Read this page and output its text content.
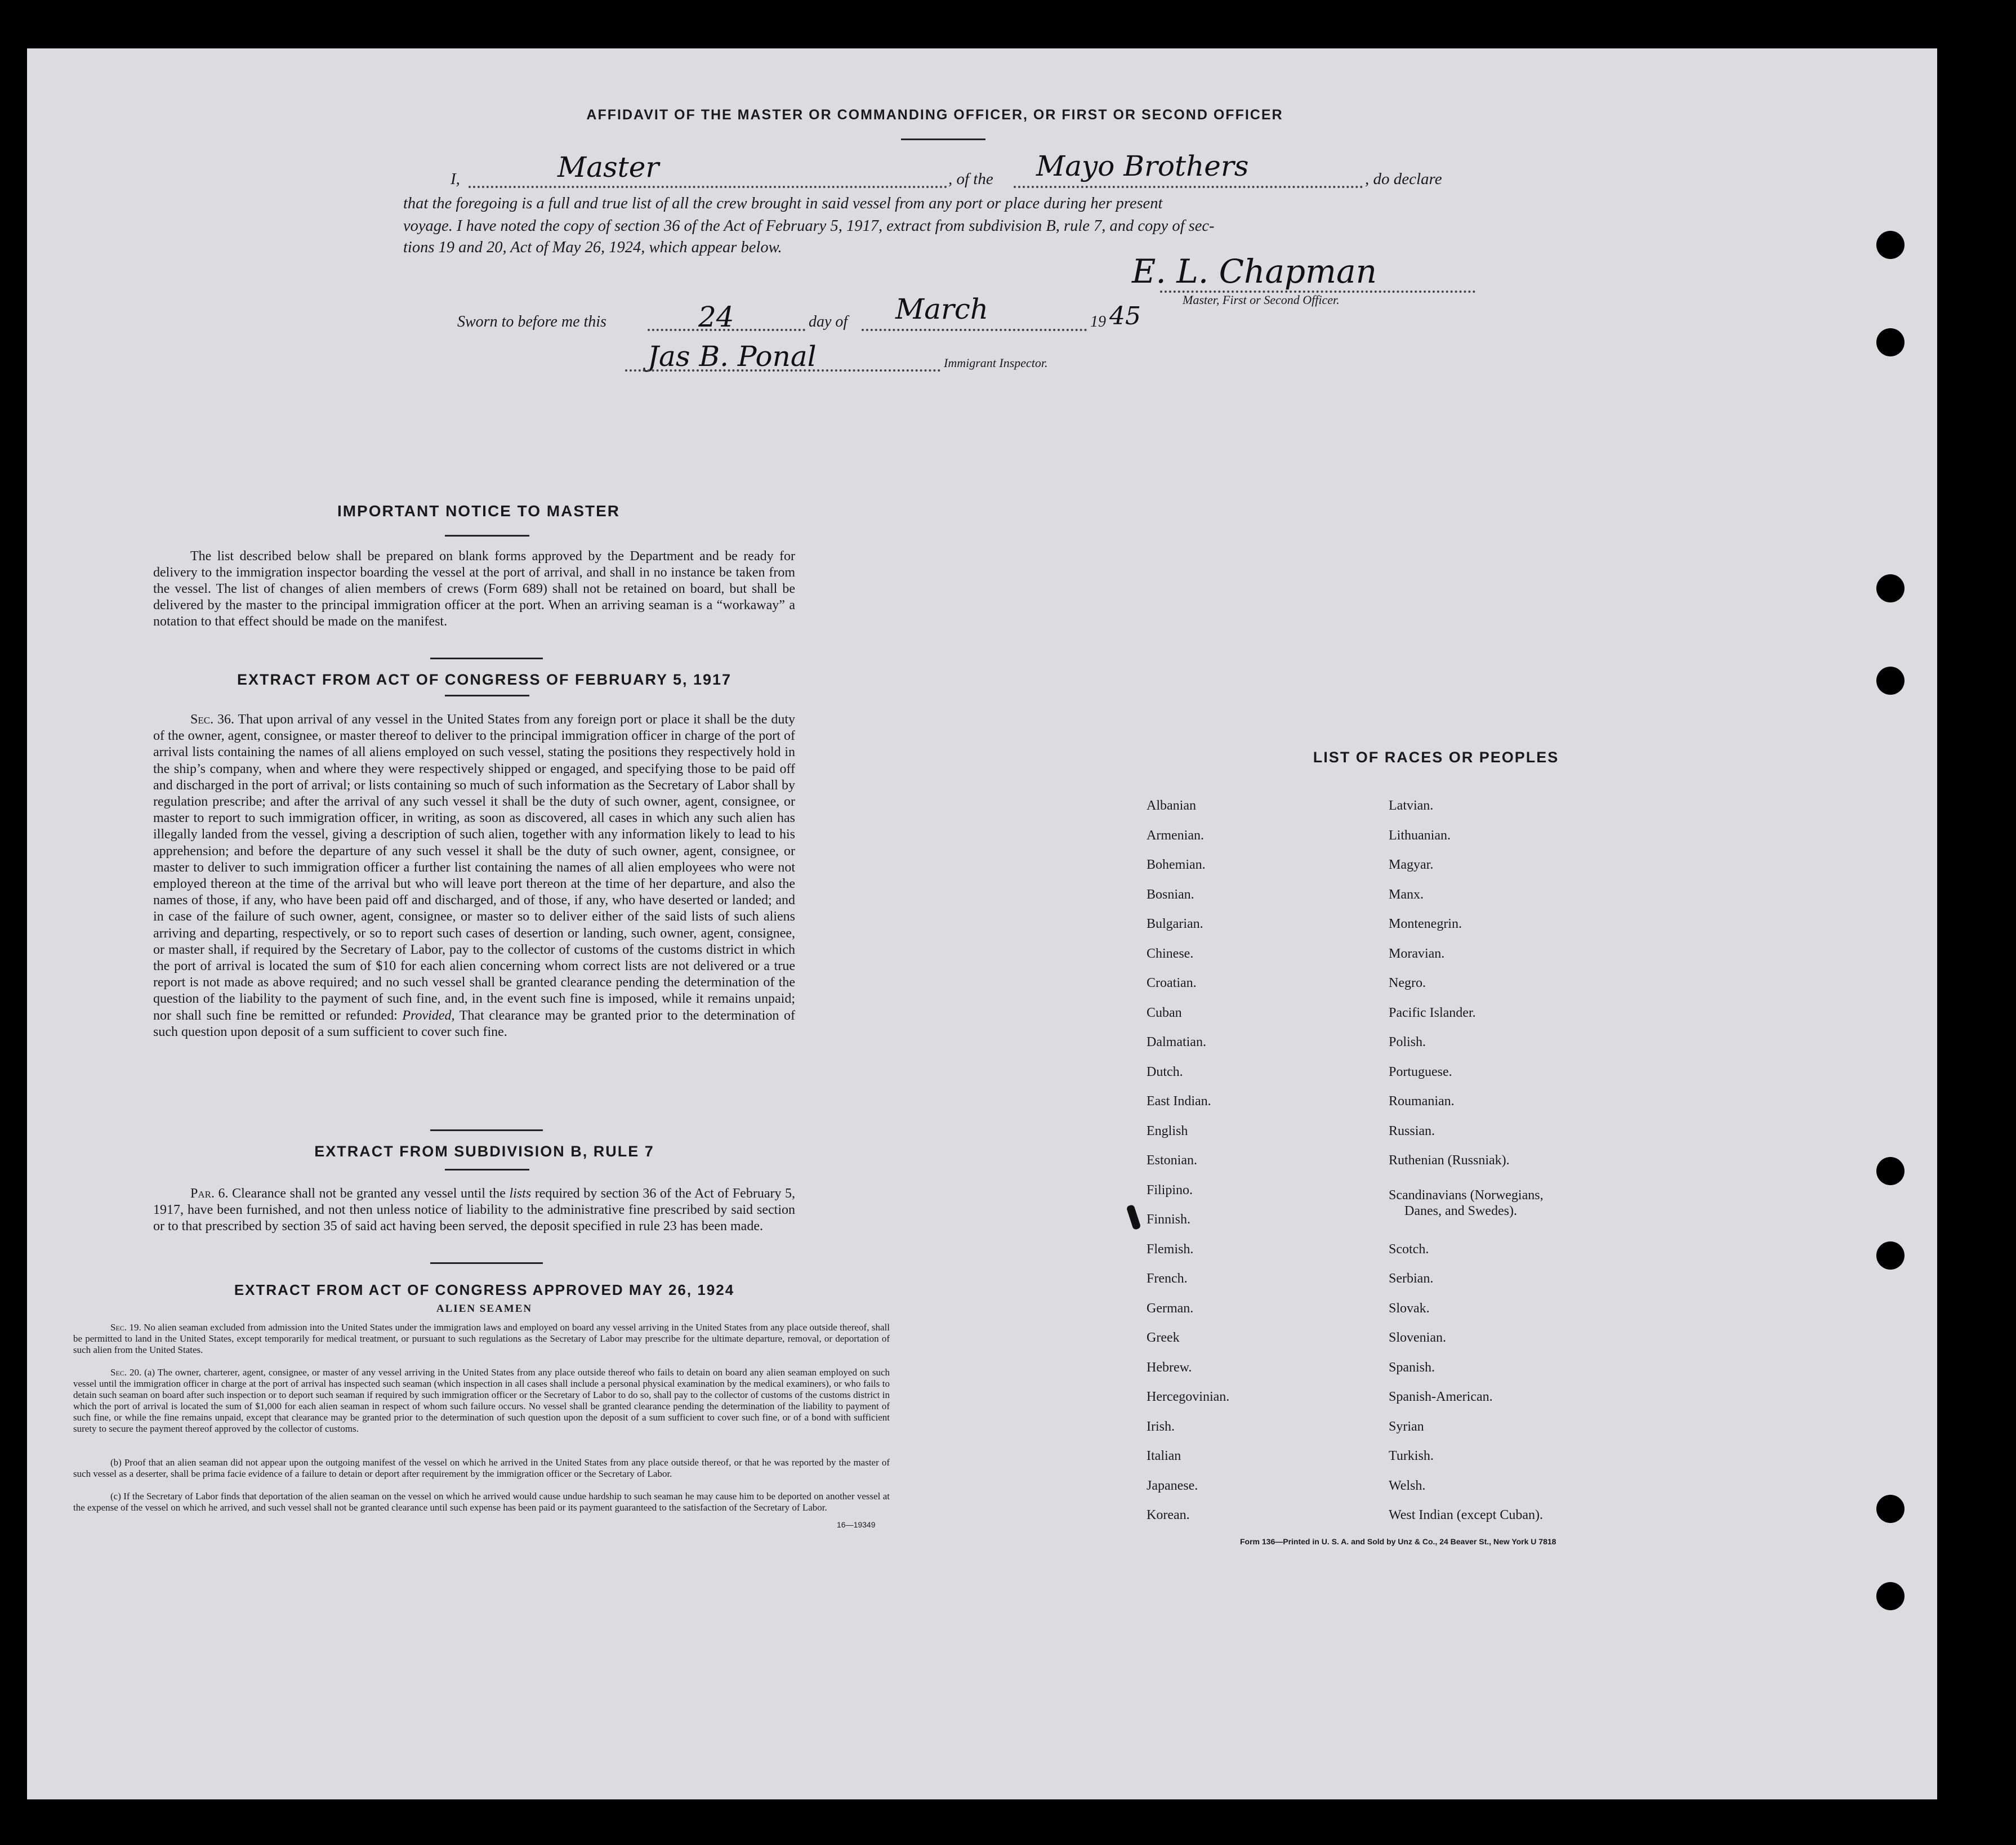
AFFIDAVIT OF THE MASTER OR COMMANDING OFFICER, OR FIRST OR SECOND OFFICER
I,	Master	, of the Mayo Brothers	, do declare
that the foregoing is a full and true list of all the crew brought in said vessel from any port or place during her present
voyage. I have noted the copy of section 36 of the Act of February 5, 1917, extract from subdivision B, rule 7, and copy of sec-
tions 19 and 20, Act of May 26, 1924, which appear below.
E. L. Chapman
Master, First or Second Officer.
Sworn to before me this	24	day of March	19 45
Jas B. Ponal	Immigrant Inspector.
IMPORTANT NOTICE TO MASTER
The list described below shall be prepared on blank forms approved by the Department and be ready for delivery to the immigration inspector boarding the vessel at the port of arrival, and shall in no instance be taken from the vessel. The list of changes of alien members of crews (Form 689) shall not be retained on board, but shall be delivered by the master to the principal immigration officer at the port. When an arriving seaman is a “workaway” a notation to that effect should be made on the manifest.
EXTRACT FROM ACT OF CONGRESS OF FEBRUARY 5, 1917
Sec. 36. That upon arrival of any vessel in the United States from any foreign port or place it shall be the duty of the owner, agent, consignee, or master thereof to deliver to the principal immigration officer in charge of the port of arrival lists containing the names of all aliens employed on such vessel, stating the positions they respectively hold in the ship’s company, when and where they were respectively shipped or engaged, and specifying those to be paid off and discharged in the port of arrival; or lists containing so much of such information as the Secretary of Labor shall by regulation prescribe; and after the arrival of any such vessel it shall be the duty of such owner, agent, consignee, or master to report to such immigration officer, in writing, as soon as discovered, all cases in which any such alien has illegally landed from the vessel, giving a description of such alien, together with any information likely to lead to his apprehension; and before the departure of any such vessel it shall be the duty of such owner, agent, consignee, or master to deliver to such immigration officer a further list containing the names of all alien employees who were not employed thereon at the time of the arrival but who will leave port thereon at the time of her departure, and also the names of those, if any, who have been paid off and discharged, and of those, if any, who have deserted or landed; and in case of the failure of such owner, agent, consignee, or master so to deliver either of the said lists of such aliens arriving and departing, respectively, or so to report such cases of desertion or landing, such owner, agent, consignee, or master shall, if required by the Secretary of Labor, pay to the collector of customs of the customs district in which the port of arrival is located the sum of $10 for each alien concerning whom correct lists are not delivered or a true report is not made as above required; and no such vessel shall be granted clearance pending the determination of the question of the liability to the payment of such fine, and, in the event such fine is imposed, while it remains unpaid; nor shall such fine be remitted or refunded: Provided, That clearance may be granted prior to the determination of such question upon deposit of a sum sufficient to cover such fine.
EXTRACT FROM SUBDIVISION B, RULE 7
Par. 6. Clearance shall not be granted any vessel until the lists required by section 36 of the Act of February 5, 1917, have been furnished, and not then unless notice of liability to the administrative fine prescribed by said section or to that prescribed by section 35 of said act having been served, the deposit specified in rule 23 has been made.
EXTRACT FROM ACT OF CONGRESS APPROVED MAY 26, 1924
ALIEN SEAMEN
Sec. 19. No alien seaman excluded from admission into the United States under the immigration laws and employed on board any vessel arriving in the United States from any place outside thereof, shall be permitted to land in the United States, except temporarily for medical treatment, or pursuant to such regulations as the Secretary of Labor may prescribe for the ultimate departure, removal, or deportation of such alien from the United States.
Sec. 20. (a) The owner, charterer, agent, consignee, or master of any vessel arriving in the United States from any place outside thereof who fails to detain on board any alien seaman employed on such vessel until the immigration officer in charge at the port of arrival has inspected such seaman (which inspection in all cases shall include a personal physical examination by the medical examiners), or who fails to detain such seaman on board after such inspection or to deport such seaman if required by such immigration officer or the Secretary of Labor to do so, shall pay to the collector of customs of the customs district in which the port of arrival is located the sum of $1,000 for each alien seaman in respect of whom such failure occurs. No vessel shall be granted clearance pending the determination of the liability to payment of such fine, or while the fine remains unpaid, except that clearance may be granted prior to the determination of such question upon the deposit of a sum sufficient to cover such fine, or of a bond with sufficient surety to secure the payment thereof approved by the collector of customs.
(b) Proof that an alien seaman did not appear upon the outgoing manifest of the vessel on which he arrived in the United States from any place outside thereof, or that he was reported by the master of such vessel as a deserter, shall be prima facie evidence of a failure to detain or deport after requirement by the immigration officer or the Secretary of Labor.
(c) If the Secretary of Labor finds that deportation of the alien seaman on the vessel on which he arrived would cause undue hardship to such seaman he may cause him to be deported on another vessel at the expense of the vessel on which he arrived, and such vessel shall not be granted clearance until such expense has been paid or its payment guaranteed to the satisfaction of the Secretary of Labor.
16—19349
LIST OF RACES OR PEOPLES
Albanian
Armenian.
Bohemian.
Bosnian.
Bulgarian.
Chinese.
Croatian.
Cuban
Dalmatian.
Dutch.
East Indian.
English
Estonian.
Filipino.
Finnish.
Flemish.
French.
German.
Greek
Hebrew.
Hercegovinian.
Irish.
Italian
Japanese.
Korean.
Latvian.
Lithuanian.
Magyar.
Manx.
Montenegrin.
Moravian.
Negro.
Pacific Islander.
Polish.
Portuguese.
Roumanian.
Russian.
Ruthenian (Russniak).
Scandinavians (Norwegians,
Danes, and Swedes).
Scotch.
Serbian.
Slovak.
Slovenian.
Spanish.
Spanish-American.
Syrian
Turkish.
Welsh.
West Indian (except Cuban).
Form 136—Printed in U. S. A. and Sold by Unz & Co., 24 Beaver St., New York U 7818
